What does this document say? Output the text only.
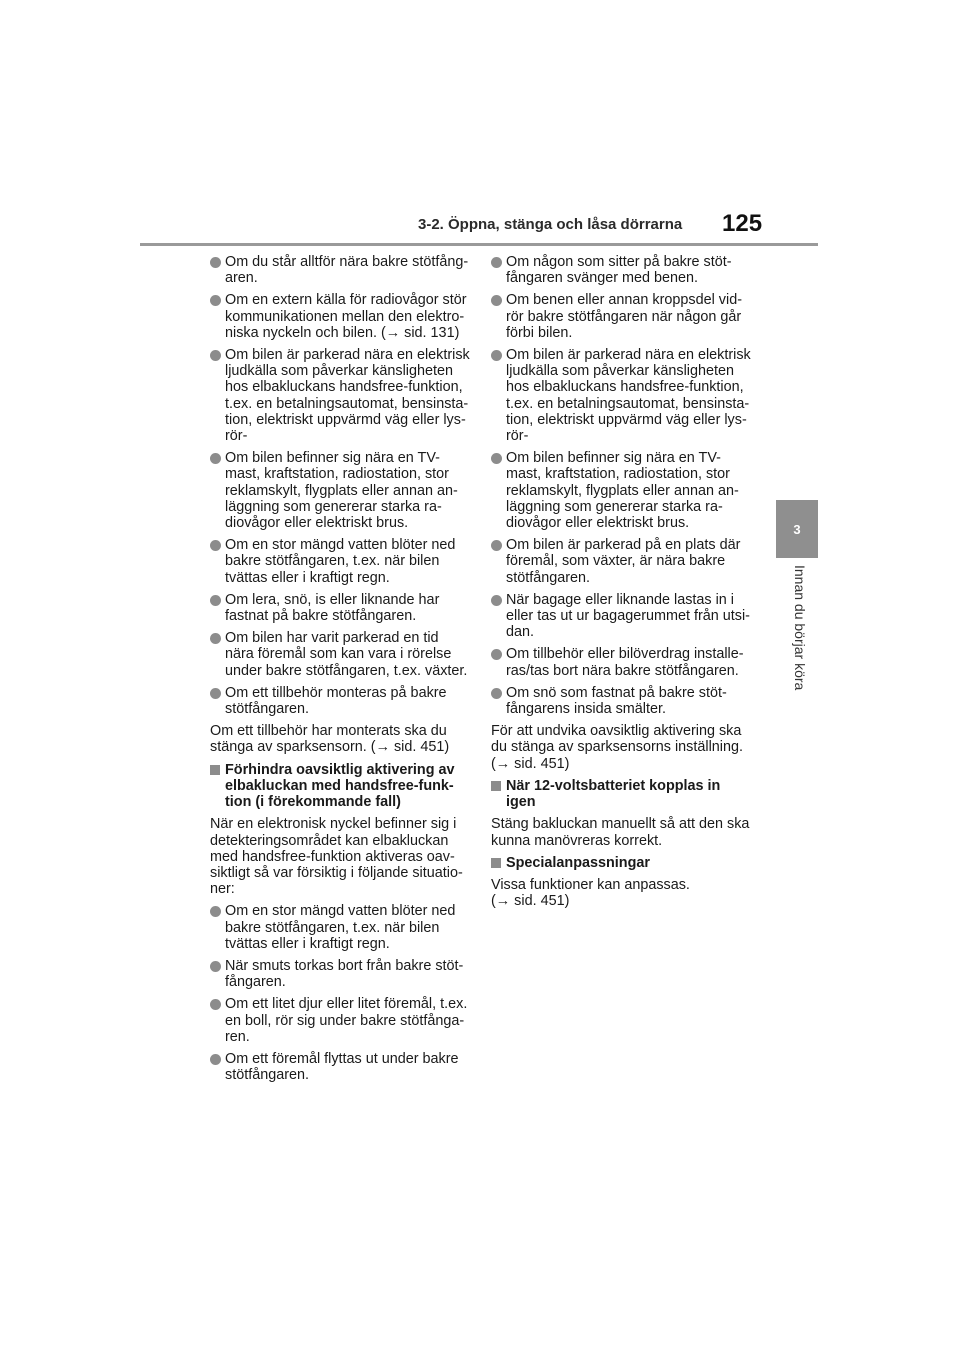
3-2. Öppna, stänga och låsa dörrarna	125
3
Innan du börjar köra
Om du står alltför nära bakre stötfång-
aren.
Om en extern källa för radiovågor stör
kommunikationen mellan den elektro-
niska nyckeln och bilen. (→ sid. 131)
Om bilen är parkerad nära en elektrisk
ljudkälla som påverkar känsligheten
hos elbakluckans handsfree-funktion,
t.ex. en betalningsautomat, bensinsta-
tion, elektriskt uppvärmd väg eller lys-
rör-
Om bilen befinner sig nära en TV-
mast, kraftstation, radiostation, stor
reklamskylt, flygplats eller annan an-
läggning som genererar starka ra-
diovågor eller elektriskt brus.
Om en stor mängd vatten blöter ned
bakre stötfångaren, t.ex. när bilen
tvättas eller i kraftigt regn.
Om lera, snö, is eller liknande har
fastnat på bakre stötfångaren.
Om bilen har varit parkerad en tid
nära föremål som kan vara i rörelse
under bakre stötfångaren, t.ex. växter.
Om ett tillbehör monteras på bakre
stötfångaren.
Om ett tillbehör har monterats ska du
stänga av sparksensorn. (→ sid. 451)
Förhindra oavsiktlig aktivering av
elbakluckan med handsfree-funk-
tion (i förekommande fall)
När en elektronisk nyckel befinner sig i
detekteringsområdet kan elbakluckan
med handsfree-funktion aktiveras oav-
siktligt så var försiktig i följande situatio-
ner:
Om en stor mängd vatten blöter ned
bakre stötfångaren, t.ex. när bilen
tvättas eller i kraftigt regn.
När smuts torkas bort från bakre stöt-
fångaren.
Om ett litet djur eller litet föremål, t.ex.
en boll, rör sig under bakre stötfånga-
ren.
Om ett föremål flyttas ut under bakre
stötfångaren.
Om någon som sitter på bakre stöt-
fångaren svänger med benen.
Om benen eller annan kroppsdel vid-
rör bakre stötfångaren när någon går
förbi bilen.
Om bilen är parkerad nära en elektrisk
ljudkälla som påverkar känsligheten
hos elbakluckans handsfree-funktion,
t.ex. en betalningsautomat, bensinsta-
tion, elektriskt uppvärmd väg eller lys-
rör-
Om bilen befinner sig nära en TV-
mast, kraftstation, radiostation, stor
reklamskylt, flygplats eller annan an-
läggning som genererar starka ra-
diovågor eller elektriskt brus.
Om bilen är parkerad på en plats där
föremål, som växter, är nära bakre
stötfångaren.
När bagage eller liknande lastas in i
eller tas ut ur bagagerummet från utsi-
dan.
Om tillbehör eller bilöverdrag installe-
ras/tas bort nära bakre stötfångaren.
Om snö som fastnat på bakre stöt-
fångarens insida smälter.
För att undvika oavsiktlig aktivering ska
du stänga av sparksensorns inställning.
(→ sid. 451)
När 12-voltsbatteriet kopplas in
igen
Stäng bakluckan manuellt så att den ska
kunna manövreras korrekt.
Specialanpassningar
Vissa funktioner kan anpassas.
(→ sid. 451)
